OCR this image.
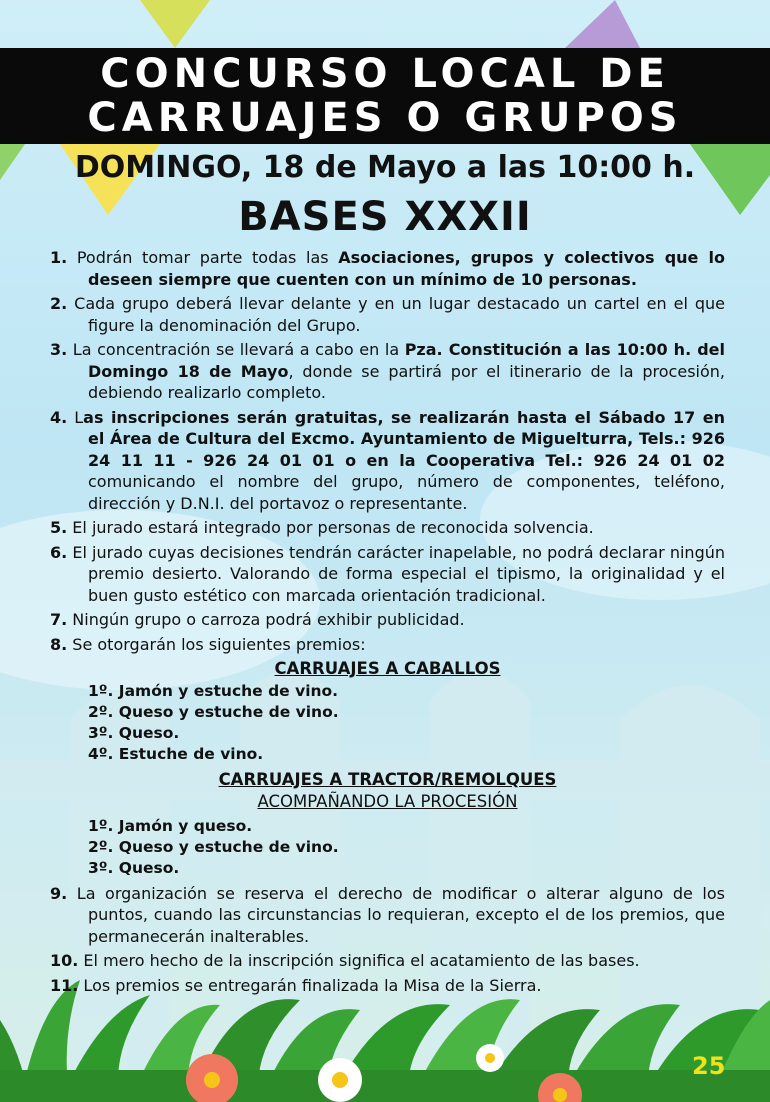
CONCURSO LOCAL DE
CARRUAJES O GRUPOS
DOMINGO, 18 de Mayo a las 10:00 h.
BASES XXXII

1. Podrán tomar parte todas las Asociaciones, grupos y colectivos que lo deseen siempre que cuenten con un mínimo de 10 personas.

2. Cada grupo deberá llevar delante y en un lugar destacado un cartel en el que figure la denominación del Grupo.

3. La concentración se llevará a cabo en la Pza. Constitución a las 10:00 h. del Domingo 18 de Mayo, donde se partirá por el itinerario de la procesión, debiendo realizarlo completo.

4. Las inscripciones serán gratuitas, se realizarán hasta el Sábado 17 en el Área de Cultura del Excmo. Ayuntamiento de Miguelturra, Tels.: 926 24 11 11 - 926 24 01 01 o en la Cooperativa Tel.: 926 24 01 02 comunicando el nombre del grupo, número de componentes, teléfono, dirección y D.N.I. del portavoz o representante.

5. El jurado estará integrado por personas de reconocida solvencia.

6. El jurado cuyas decisiones tendrán carácter inapelable, no podrá declarar ningún premio desierto. Valorando de forma especial el tipismo, la originalidad y el buen gusto estético con marcada orientación tradicional.

7. Ningún grupo o carroza podrá exhibir publicidad.

8. Se otorgarán los siguientes premios:

CARRUAJES A CABALLOS
1º. Jamón y estuche de vino.
2º. Queso y estuche de vino.
3º. Queso.
4º. Estuche de vino.
CARRUAJES A TRACTOR/REMOLQUES
ACOMPAÑANDO LA PROCESIÓN
1º. Jamón y queso.
2º. Queso y estuche de vino.
3º. Queso.

9. La organización se reserva el derecho de modificar o alterar alguno de los puntos, cuando las circunstancias lo requieran, excepto el de los premios, que permanecerán inalterables.

10. El mero hecho de la inscripción significa el acatamiento de las bases.

11. Los premios se entregarán finalizada la Misa de la Sierra.

25
